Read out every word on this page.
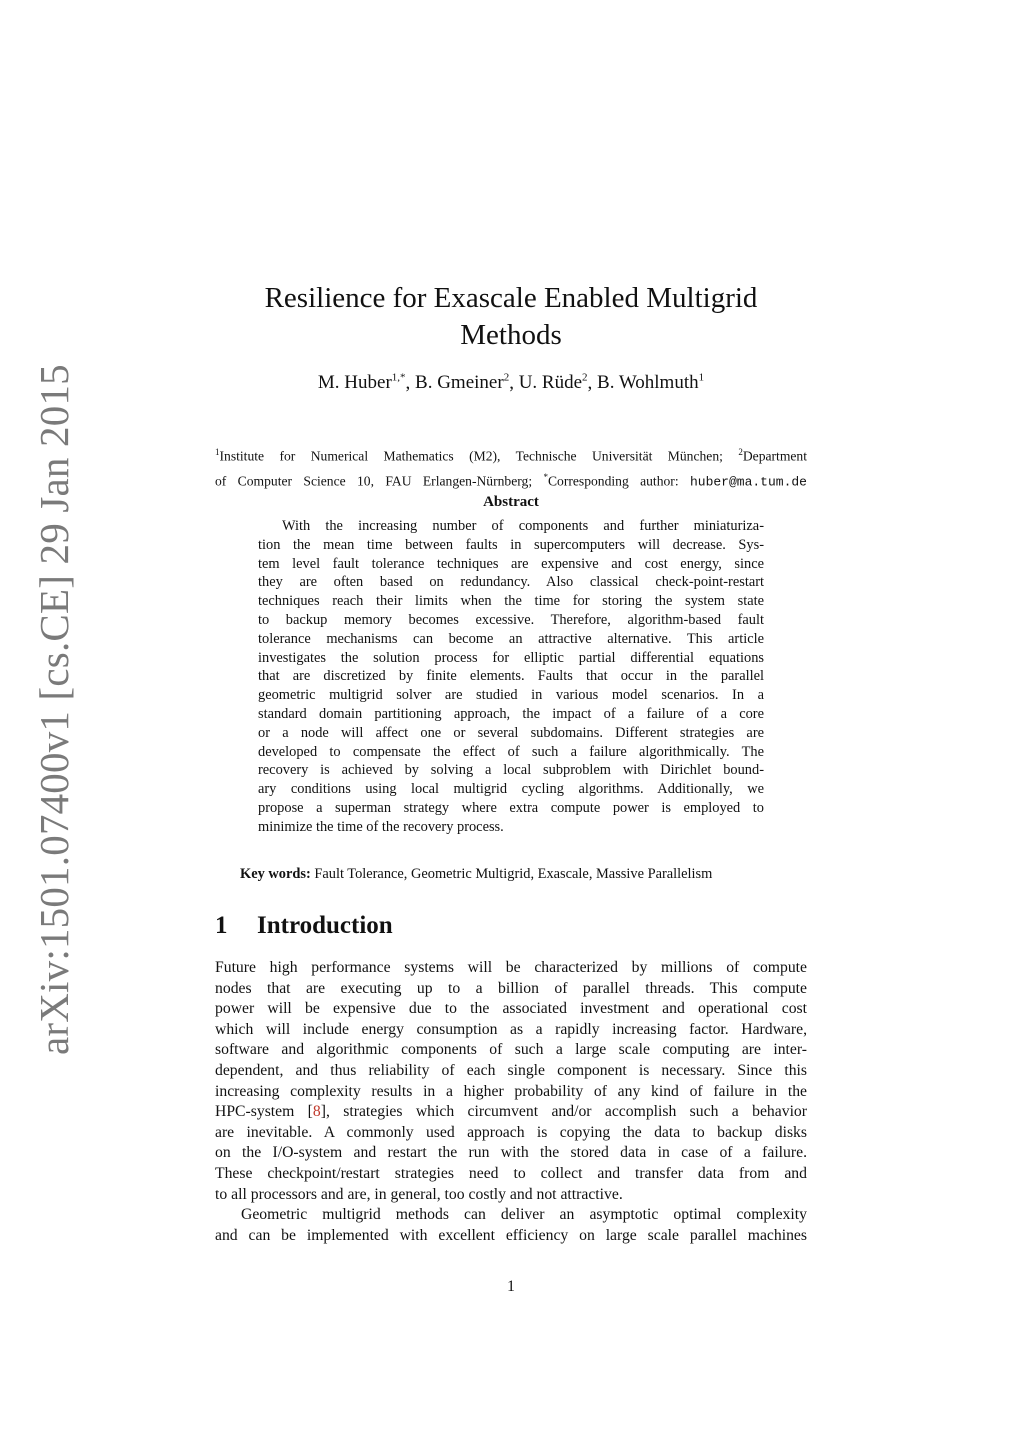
arXiv:1501.07400v1 [cs.CE] 29 Jan 2015
Resilience for Exascale Enabled Multigrid
Methods
M. Huber$^{1,*}$, B. Gmeiner$^2$, U. Rüde$^2$, B. Wohlmuth$^1$
$^1$Institute for Numerical Mathematics (M2), Technische Universität München; $^2$Department
of Computer Science 10, FAU Erlangen-Nürnberg; *Corresponding author: huber@ma.tum.de
Abstract
With the increasing number of components and further miniaturiza-
tion the mean time between faults in supercomputers will decrease. Sys-
tem level fault tolerance techniques are expensive and cost energy, since
they are often based on redundancy. Also classical check-point-restart
techniques reach their limits when the time for storing the system state
to backup memory becomes excessive. Therefore, algorithm-based fault
tolerance mechanisms can become an attractive alternative. This article
investigates the solution process for elliptic partial differential equations
that are discretized by finite elements. Faults that occur in the parallel
geometric multigrid solver are studied in various model scenarios. In a
standard domain partitioning approach, the impact of a failure of a core
or a node will affect one or several subdomains. Different strategies are
developed to compensate the effect of such a failure algorithmically. The
recovery is achieved by solving a local subproblem with Dirichlet bound-
ary conditions using local multigrid cycling algorithms. Additionally, we
propose a superman strategy where extra compute power is employed to
minimize the time of the recovery process.
Key words: Fault Tolerance, Geometric Multigrid, Exascale, Massive Parallelism
1 Introduction
Future high performance systems will be characterized by millions of compute
nodes that are executing up to a billion of parallel threads. This compute
power will be expensive due to the associated investment and operational cost
which will include energy consumption as a rapidly increasing factor. Hardware,
software and algorithmic components of such a large scale computing are inter-
dependent, and thus reliability of each single component is necessary. Since this
increasing complexity results in a higher probability of any kind of failure in the
HPC-system [8], strategies which circumvent and/or accomplish such a behavior
are inevitable. A commonly used approach is copying the data to backup disks
on the I/O-system and restart the run with the stored data in case of a failure.
These checkpoint/restart strategies need to collect and transfer data from and
to all processors and are, in general, too costly and not attractive.
Geometric multigrid methods can deliver an asymptotic optimal complexity
and can be implemented with excellent efficiency on large scale parallel machines
1
